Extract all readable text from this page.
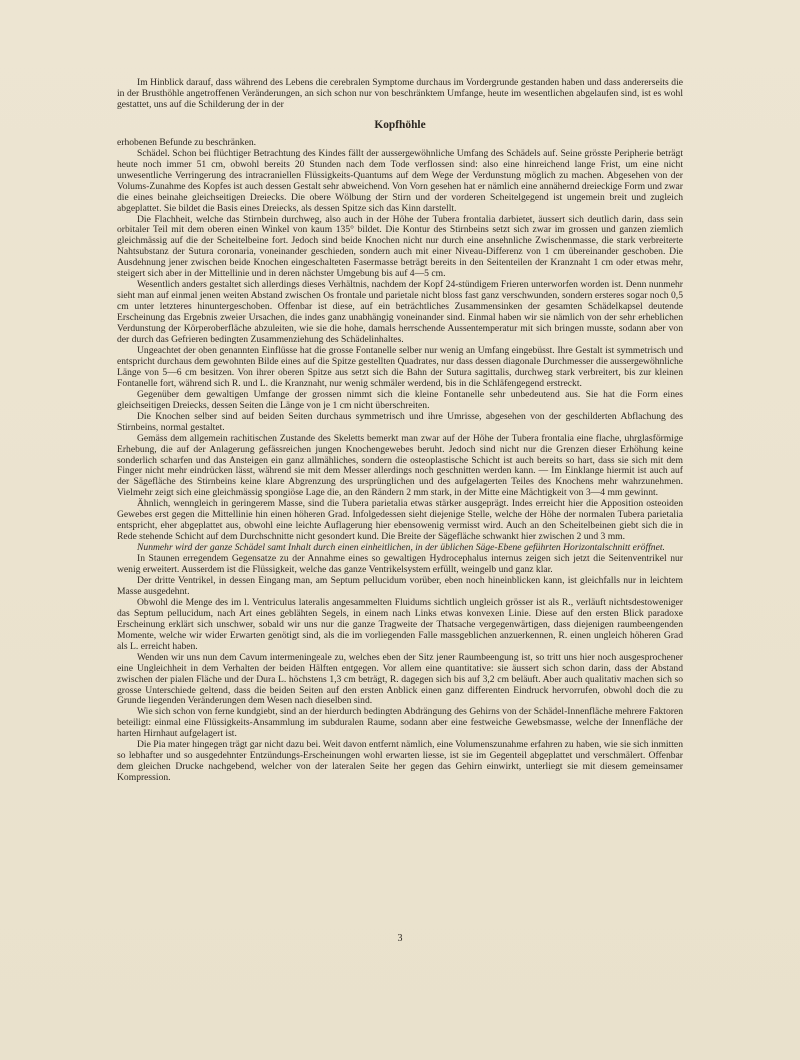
Im Hinblick darauf, dass während des Lebens die cerebralen Symptome durchaus im Vordergrunde gestanden haben und dass andererseits die in der Brusthöhle angetroffenen Veränderungen, an sich schon nur von beschränktem Umfange, heute im wesentlichen abgelaufen sind, ist es wohl gestattet, uns auf die Schilderung der in der

Kopfhöhle

erhobenen Befunde zu beschränken.

Schädel. Schon bei flüchtiger Betrachtung des Kindes fällt der aussergewöhnliche Umfang des Schädels auf. Seine grösste Peripherie beträgt heute noch immer 51 cm, obwohl bereits 20 Stunden nach dem Tode verflossen sind: also eine hinreichend lange Frist, um eine nicht unwesentliche Verringerung des intracraniellen Flüssigkeits-Quantums auf dem Wege der Verdunstung möglich zu machen. Abgesehen von der Volums-Zunahme des Kopfes ist auch dessen Gestalt sehr abweichend. Von Vorn gesehen hat er nämlich eine annähernd dreieckige Form und zwar die eines beinahe gleichseitigen Dreiecks. Die obere Wölbung der Stirn und der vorderen Scheitelgegend ist ungemein breit und zugleich abgeplattet. Sie bildet die Basis eines Dreiecks, als dessen Spitze sich das Kinn darstellt.

Die Flachheit, welche das Stirnbein durchweg, also auch in der Höhe der Tubera frontalia darbietet, äussert sich deutlich darin, dass sein orbitaler Teil mit dem oberen einen Winkel von kaum 135° bildet. Die Kontur des Stirnbeins setzt sich zwar im grossen und ganzen ziemlich gleichmässig auf die der Scheitelbeine fort. Jedoch sind beide Knochen nicht nur durch eine ansehnliche Zwischenmasse, die stark verbreiterte Nahtsubstanz der Sutura coronaria, voneinander geschieden, sondern auch mit einer Niveau-Differenz von 1 cm übereinander geschoben. Die Ausdehnung jener zwischen beide Knochen eingeschalteten Fasermasse beträgt bereits in den Seitenteilen der Kranznaht 1 cm oder etwas mehr, steigert sich aber in der Mittellinie und in deren nächster Umgebung bis auf 4—5 cm.

Wesentlich anders gestaltet sich allerdings dieses Verhältnis, nachdem der Kopf 24-stündigem Frieren unterworfen worden ist. Denn nunmehr sieht man auf einmal jenen weiten Abstand zwischen Os frontale und parietale nicht bloss fast ganz verschwunden, sondern ersteres sogar noch 0,5 cm unter letzteres hinuntergeschoben. Offenbar ist diese, auf ein beträchtliches Zusammensinken der gesamten Schädelkapsel deutende Erscheinung das Ergebnis zweier Ursachen, die indes ganz unabhängig voneinander sind. Einmal haben wir sie nämlich von der sehr erheblichen Verdunstung der Körperoberfläche abzuleiten, wie sie die hohe, damals herrschende Aussentemperatur mit sich bringen musste, sodann aber von der durch das Gefrieren bedingten Zusammenziehung des Schädelinhaltes.

Ungeachtet der oben genannten Einflüsse hat die grosse Fontanelle selber nur wenig an Umfang eingebüsst. Ihre Gestalt ist symmetrisch und entspricht durchaus dem gewohnten Bilde eines auf die Spitze gestellten Quadrates, nur dass dessen diagonale Durchmesser die aussergewöhnliche Länge von 5—6 cm besitzen. Von ihrer oberen Spitze aus setzt sich die Bahn der Sutura sagittalis, durchweg stark verbreitert, bis zur kleinen Fontanelle fort, während sich R. und L. die Kranznaht, nur wenig schmäler werdend, bis in die Schläfengegend erstreckt.

Gegenüber dem gewaltigen Umfange der grossen nimmt sich die kleine Fontanelle sehr unbedeutend aus. Sie hat die Form eines gleichseitigen Dreiecks, dessen Seiten die Länge von je 1 cm nicht überschreiten.

Die Knochen selber sind auf beiden Seiten durchaus symmetrisch und ihre Umrisse, abgesehen von der geschilderten Abflachung des Stirnbeins, normal gestaltet.

Gemäss dem allgemein rachitischen Zustande des Skeletts bemerkt man zwar auf der Höhe der Tubera frontalia eine flache, uhrglasförmige Erhebung, die auf der Anlagerung gefässreichen jungen Knochengewebes beruht. Jedoch sind nicht nur die Grenzen dieser Erhöhung keine sonderlich scharfen und das Ansteigen ein ganz allmähliches, sondern die osteoplastische Schicht ist auch bereits so hart, dass sie sich mit dem Finger nicht mehr eindrücken lässt, während sie mit dem Messer allerdings noch geschnitten werden kann. — Im Einklange hiermit ist auch auf der Sägefläche des Stirnbeins keine klare Abgrenzung des ursprünglichen und des aufgelagerten Teiles des Knochens mehr wahrzunehmen. Vielmehr zeigt sich eine gleichmässig spongiöse Lage die, an den Rändern 2 mm stark, in der Mitte eine Mächtigkeit von 3—4 mm gewinnt.

Ähnlich, wenngleich in geringerem Masse, sind die Tubera parietalia etwas stärker ausgeprägt. Indes erreicht hier die Apposition osteoiden Gewebes erst gegen die Mittellinie hin einen höheren Grad. Infolgedessen sieht diejenige Stelle, welche der Höhe der normalen Tubera parietalia entspricht, eher abgeplattet aus, obwohl eine leichte Auflagerung hier ebensowenig vermisst wird. Auch an den Scheitelbeinen giebt sich die in Rede stehende Schicht auf dem Durchschnitte nicht gesondert kund. Die Breite der Sägefläche schwankt hier zwischen 2 und 3 mm.

Nunmehr wird der ganze Schädel samt Inhalt durch einen einheitlichen, in der üblichen Säge-Ebene geführten Horizontalschnitt eröffnet.

In Staunen erregendem Gegensatze zu der Annahme eines so gewaltigen Hydrocephalus internus zeigen sich jetzt die Seitenventrikel nur wenig erweitert. Ausserdem ist die Flüssigkeit, welche das ganze Ventrikelsystem erfüllt, weingelb und ganz klar.

Der dritte Ventrikel, in dessen Eingang man, am Septum pellucidum vorüber, eben noch hineinblicken kann, ist gleichfalls nur in leichtem Masse ausgedehnt.

Obwohl die Menge des im l. Ventriculus lateralis angesammelten Fluidums sichtlich ungleich grösser ist als R., verläuft nichtsdestoweniger das Septum pellucidum, nach Art eines geblähten Segels, in einem nach Links etwas konvexen Linie. Diese auf den ersten Blick paradoxe Erscheinung erklärt sich unschwer, sobald wir uns nur die ganze Tragweite der Thatsache vergegenwärtigen, dass diejenigen raumbeengenden Momente, welche wir wider Erwarten genötigt sind, als die im vorliegenden Falle massgeblichen anzuerkennen, R. einen ungleich höheren Grad als L. erreicht haben.

Wenden wir uns nun dem Cavum intermeningeale zu, welches eben der Sitz jener Raumbeengung ist, so tritt uns hier noch ausgesprochener eine Ungleichheit in dem Verhalten der beiden Hälften entgegen. Vor allem eine quantitative: sie äussert sich schon darin, dass der Abstand zwischen der pialen Fläche und der Dura L. höchstens 1,3 cm beträgt, R. dagegen sich bis auf 3,2 cm beläuft. Aber auch qualitativ machen sich so grosse Unterschiede geltend, dass die beiden Seiten auf den ersten Anblick einen ganz differenten Eindruck hervorrufen, obwohl doch die zu Grunde liegenden Veränderungen dem Wesen nach dieselben sind.

Wie sich schon von ferne kundgiebt, sind an der hierdurch bedingten Abdrängung des Gehirns von der Schädel-Innenfläche mehrere Faktoren beteiligt: einmal eine Flüssigkeits-Ansammlung im subduralen Raume, sodann aber eine festweiche Gewebsmasse, welche der Innenfläche der harten Hirnhaut aufgelagert ist.

Die Pia mater hingegen trägt gar nicht dazu bei. Weit davon entfernt nämlich, eine Volumenszunahme erfahren zu haben, wie sie sich inmitten so lebhafter und so ausgedehnter Entzündungs-Erscheinungen wohl erwarten liesse, ist sie im Gegenteil abgeplattet und verschmälert. Offenbar dem gleichen Drucke nachgebend, welcher von der lateralen Seite her gegen das Gehirn einwirkt, unterliegt sie mit diesem gemeinsamer Kompression.

3
